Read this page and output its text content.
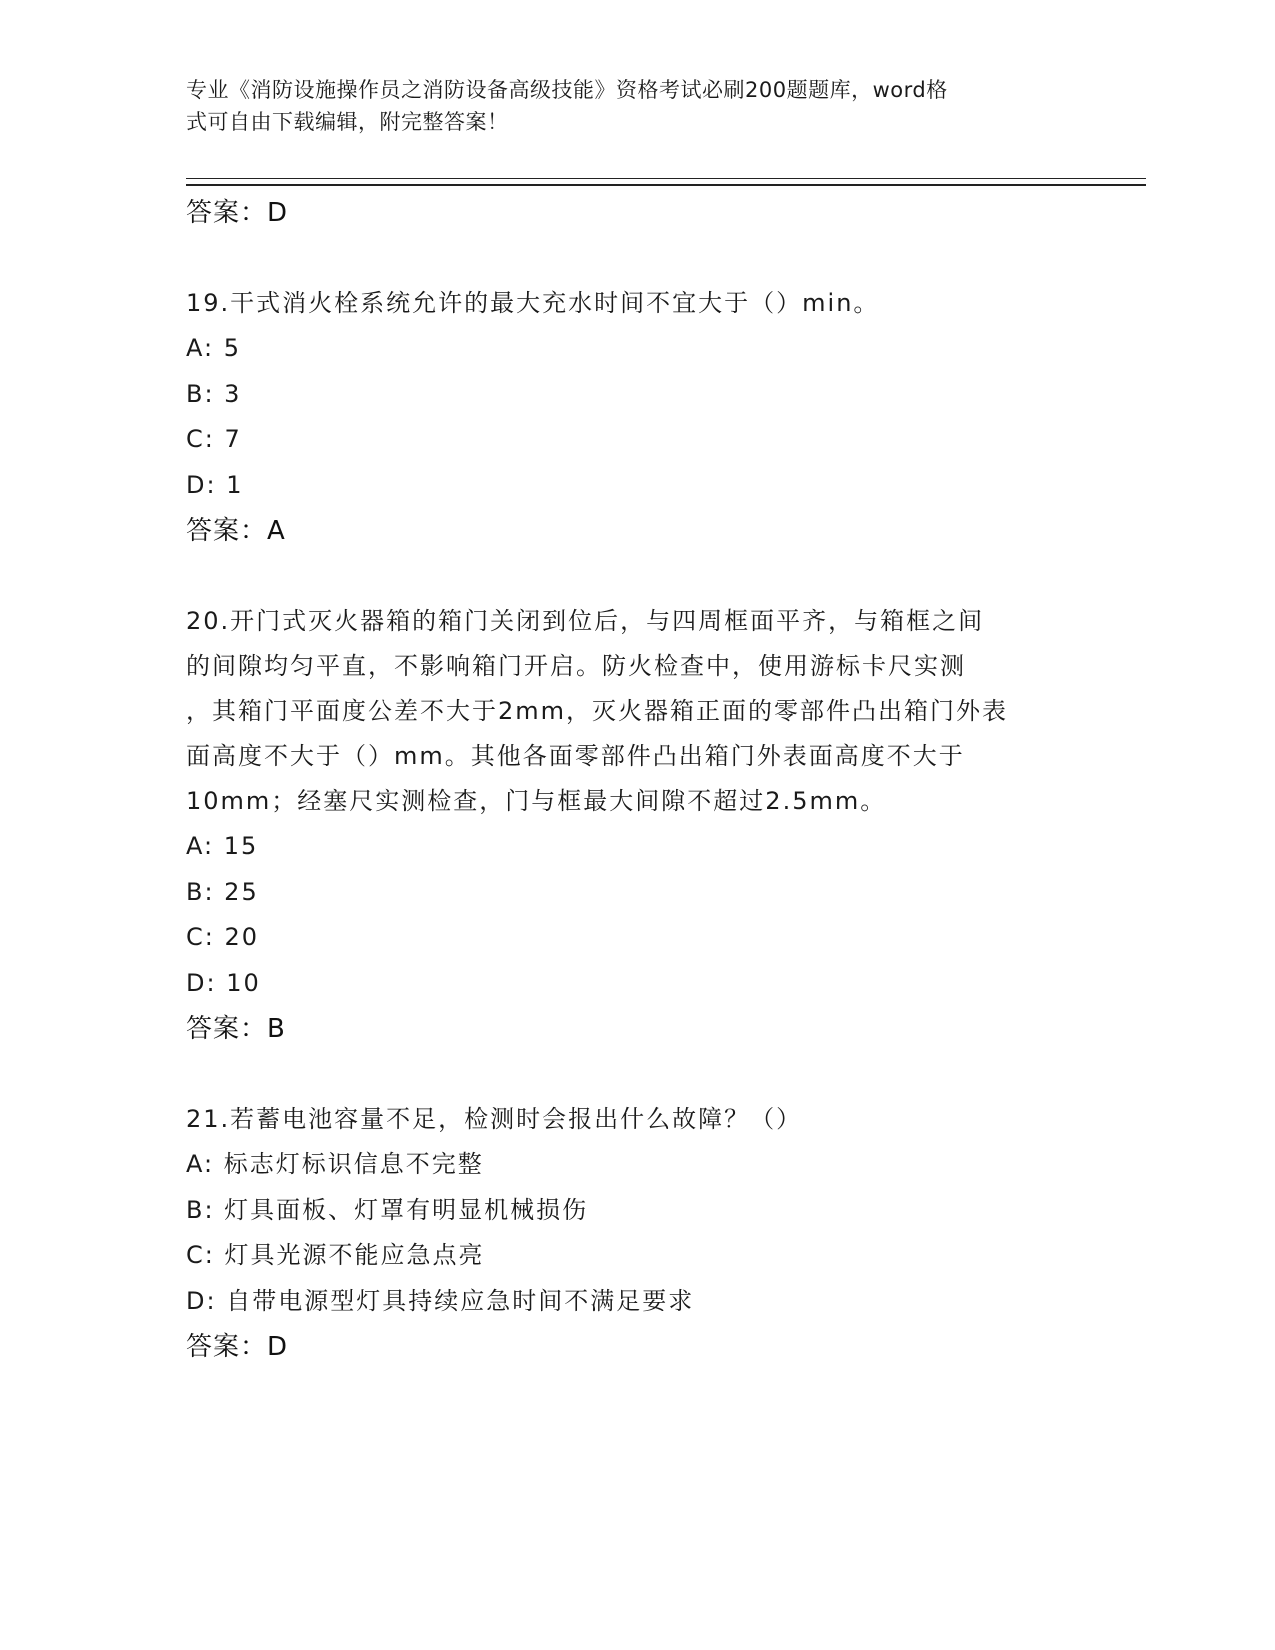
专业《消防设施操作员之消防设备高级技能》资格考试必刷200题题库，word格
式可自由下载编辑，附完整答案！
答案：D
19.干式消火栓系统允许的最大充水时间不宜大于（）min。
A: 5
B: 3
C: 7
D: 1
答案：A
20.开门式灭火器箱的箱门关闭到位后，与四周框面平齐，与箱框之间
的间隙均匀平直，不影响箱门开启。防火检查中，使用游标卡尺实测
，其箱门平面度公差不大于2mm，灭火器箱正面的零部件凸出箱门外表
面高度不大于（）mm。其他各面零部件凸出箱门外表面高度不大于
10mm；经塞尺实测检查，门与框最大间隙不超过2.5mm。
A: 15
B: 25
C: 20
D: 10
答案：B
21.若蓄电池容量不足，检测时会报出什么故障？（）
A: 标志灯标识信息不完整
B: 灯具面板、灯罩有明显机械损伤
C: 灯具光源不能应急点亮
D: 自带电源型灯具持续应急时间不满足要求
答案：D
